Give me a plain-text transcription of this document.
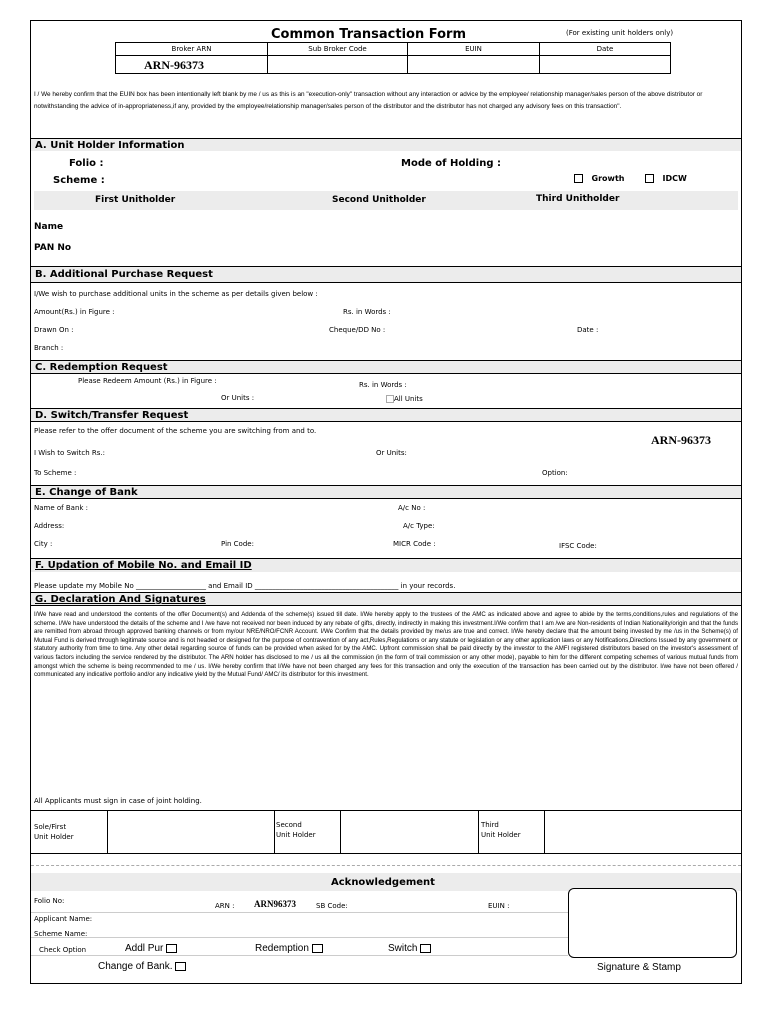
Common Transaction Form	(For existing unit holders only)
Broker ARN	Sub Broker Code	EUIN	Date
ARN-96373
I / We hereby confirm that the EUIN box has been intentionally left blank by me / us as this is an "execution-only" transaction without any interaction or advice by the employee/ relationship manager/sales person of the above distributor or notwithstanding the advice of in-appropriateness,if any, provided by the employee/relationship manager/sales person of the distributor and the distributor has not charged any advisory fees on this transaction".
A. Unit Holder Information
Folio :	Mode of Holding :
Scheme :	Growth	IDCW
First Unitholder	Second Unitholder	Third Unitholder
Name
PAN No
B. Additional Purchase Request
I/We wish to purchase additional units in the scheme as per details given below :
Amount(Rs.) in Figure :	Rs. in Words :
Drawn On :	Cheque/DD No :	Date :
Branch :
C. Redemption Request
Please Redeem Amount (Rs.) in Figure :	Rs. in Words :
Or Units :	All Units
D. Switch/Transfer Request
Please refer to the offer document of the scheme you are switching from and to.
ARN-96373
I Wish to Switch Rs.:	Or Units:
To Scheme :	Option:
E. Change of Bank
Name of Bank :	A/c No :
Address:	A/c Type:
City :	Pin Code:	MICR Code :	IFSC Code:
F. Updation of Mobile No. and Email ID
Please update my Mobile No ____________________ and Email ID _________________________________________ in your records.
G. Declaration And Signatures
I/We have read and understood the contents of the offer Document(s) and Addenda of the scheme(s) issued till date. I/We hereby apply to the trustees of the AMC as indicated above and agree to abide by the terms,conditions,rules and regulations of the scheme. I/We have understood the details of the scheme and I /we have not received nor been induced by any rebate of gifts, directly, indirectly in making this investment.I/We confirm that I am /we are Non-residents of Indian Nationality/origin and that the funds are remitted from abroad through approved banking channels or from my/our NRE/NRO/FCNR Account. I/We Confirm that the details provided by me/us are true and correct. I/We hereby declare that the amount being invested by me /us in the Scheme(s) of Mutual Fund is derived through legitimate source and is not headed or designed for the purpose of contravention of any act,Rules,Regulations or any statute or legislation or any other application laws or any Notifications,Directions Issued by any government or statutory authority from time to time. Any other detail regarding source of funds can be provided when asked for by the AMC. Upfront commission shall be paid directly by the investor to the AMFI registered distributors based on the investor's assessment of various factors including the service rendered by the distributor. The ARN holder has disclosed to me / us all the commission (in the form of trail commission or any other mode), payable to him for the different competing schemes of various mutual funds from amongst which the scheme is being recommended to me / us. I/We hereby confirm that I/We have not been charged any fees for this transaction and only the execution of the transaction has been carried out by the distributor. I/we have not been offered / communicated any indicative portfolio and/or any indicative yield by the Mutual Fund/ AMC/ its distributor for this investment.
All Applicants must sign in case of joint holding.
Sole/First
Unit Holder
Second
Unit Holder
Third
Unit Holder
Acknowledgement
Folio No:
ARN : ARN96373	SB Code:	EUIN :
Applicant Name:
Scheme Name:
Signature & Stamp
Check Option	Addl Pur	Redemption	Switch
Change of Bank.
